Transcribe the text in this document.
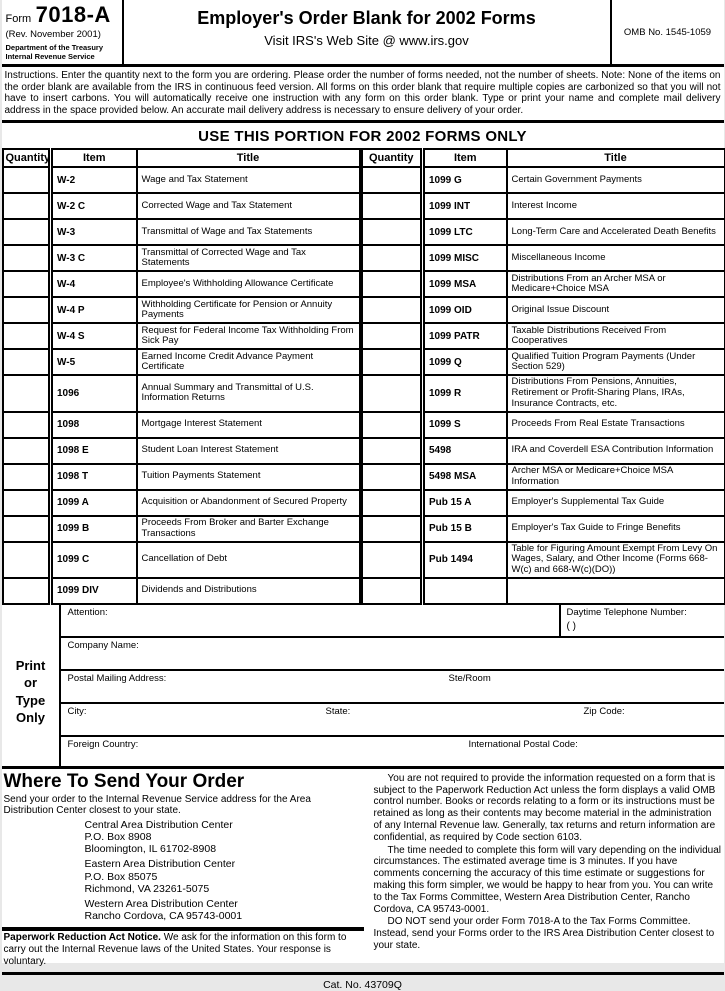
Form 7018-A
(Rev. November 2001)
Department of the Treasury
Internal Revenue Service
Employer's Order Blank for 2002 Forms
Visit IRS's Web Site @ www.irs.gov
OMB No. 1545-1059
Instructions. Enter the quantity next to the form you are ordering. Please order the number of forms needed, not the number of sheets. Note: None of the items on the order blank are available from the IRS in continuous feed version. All forms on this order blank that require multiple copies are carbonized so that you will not have to insert carbons. You will automatically receive one instruction with any form on this order blank. Type or print your name and complete mail delivery address in the space provided below. An accurate mail delivery address is necessary to ensure delivery of your order.
USE THIS PORTION FOR 2002 FORMS ONLY
Quantity	Item	Title	Quantity	Item	Title
	W-2	Wage and Tax Statement		1099 G	Certain Government Payments
	W-2 C	Corrected Wage and Tax Statement		1099 INT	Interest Income
	W-3	Transmittal of Wage and Tax Statements		1099 LTC	Long-Term Care and Accelerated Death Benefits
	W-3 C	Transmittal of Corrected Wage and Tax Statements		1099 MISC	Miscellaneous Income
	W-4	Employee's Withholding Allowance Certificate		1099 MSA	Distributions From an Archer MSA or Medicare+Choice MSA
	W-4 P	Withholding Certificate for Pension or Annuity Payments		1099 OID	Original Issue Discount
	W-4 S	Request for Federal Income Tax Withholding From Sick Pay		1099 PATR	Taxable Distributions Received From Cooperatives
	W-5	Earned Income Credit Advance Payment Certificate		1099 Q	Qualified Tuition Program Payments (Under Section 529)
	1096	Annual Summary and Transmittal of U.S. Information Returns		1099 R	Distributions From Pensions, Annuities, Retirement or Profit-Sharing Plans, IRAs, Insurance Contracts, etc.
	1098	Mortgage Interest Statement		1099 S	Proceeds From Real Estate Transactions
	1098 E	Student Loan Interest Statement		5498	IRA and Coverdell ESA Contribution Information
	1098 T	Tuition Payments Statement		5498 MSA	Archer MSA or Medicare+Choice MSA Information
	1099 A	Acquisition or Abandonment of Secured Property		Pub 15 A	Employer's Supplemental Tax Guide
	1099 B	Proceeds From Broker and Barter Exchange Transactions		Pub 15 B	Employer's Tax Guide to Fringe Benefits
	1099 C	Cancellation of Debt		Pub 1494	Table for Figuring Amount Exempt From Levy On Wages, Salary, and Other Income (Forms 668-W(c) and 668-W(c)(DO))
	1099 DIV	Dividends and Distributions			
Print
or
Type
Only
Attention:	Daytime Telephone Number:
( )
Company Name:
Postal Mailing Address:	Ste/Room
City:	State:	Zip Code:
Foreign Country:	International Postal Code:
Where To Send Your Order
Send your order to the Internal Revenue Service address for the Area Distribution Center closest to your state.
Central Area Distribution Center
P.O. Box 8908
Bloomington, IL 61702-8908
Eastern Area Distribution Center
P.O. Box 85075
Richmond, VA 23261-5075
Western Area Distribution Center
Rancho Cordova, CA 95743-0001
Paperwork Reduction Act Notice. We ask for the information on this form to carry out the Internal Revenue laws of the United States. Your response is voluntary.

You are not required to provide the information requested on a form that is subject to the Paperwork Reduction Act unless the form displays a valid OMB control number. Books or records relating to a form or its instructions must be retained as long as their contents may become material in the administration of any Internal Revenue law. Generally, tax returns and return information are confidential, as required by Code section 6103.

The time needed to complete this form will vary depending on the individual circumstances. The estimated average time is 3 minutes. If you have comments concerning the accuracy of this time estimate or suggestions for making this form simpler, we would be happy to hear from you. You can write to the Tax Forms Committee, Western Area Distribution Center, Rancho Cordova, CA 95743-0001.

DO NOT send your order Form 7018-A to the Tax Forms Committee. Instead, send your Forms order to the IRS Area Distribution Center closest to your state.

Cat. No. 43709Q
